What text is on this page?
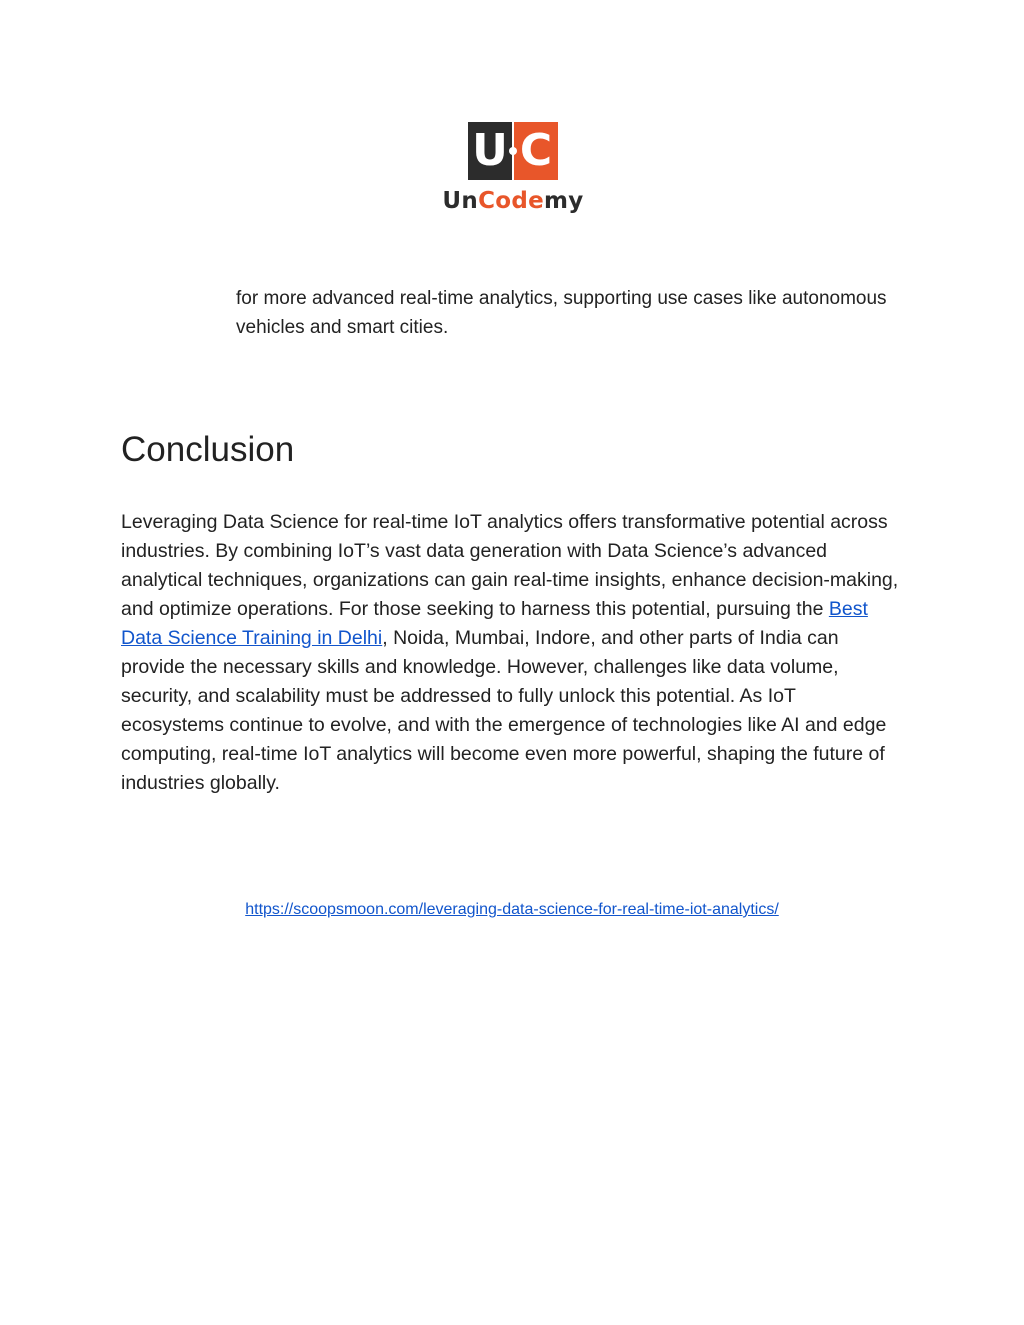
U C
UnCodemy

for more advanced real-time analytics, supporting use cases like autonomous vehicles and smart cities.

Conclusion

Leveraging Data Science for real-time IoT analytics offers transformative potential across industries. By combining IoT’s vast data generation with Data Science’s advanced analytical techniques, organizations can gain real-time insights, enhance decision-making, and optimize operations. For those seeking to harness this potential, pursuing the Best Data Science Training in Delhi, Noida, Mumbai, Indore, and other parts of India can provide the necessary skills and knowledge. However, challenges like data volume, security, and scalability must be addressed to fully unlock this potential. As IoT ecosystems continue to evolve, and with the emergence of technologies like AI and edge computing, real-time IoT analytics will become even more powerful, shaping the future of industries globally.

https://scoopsmoon.com/leveraging-data-science-for-real-time-iot-analytics/
